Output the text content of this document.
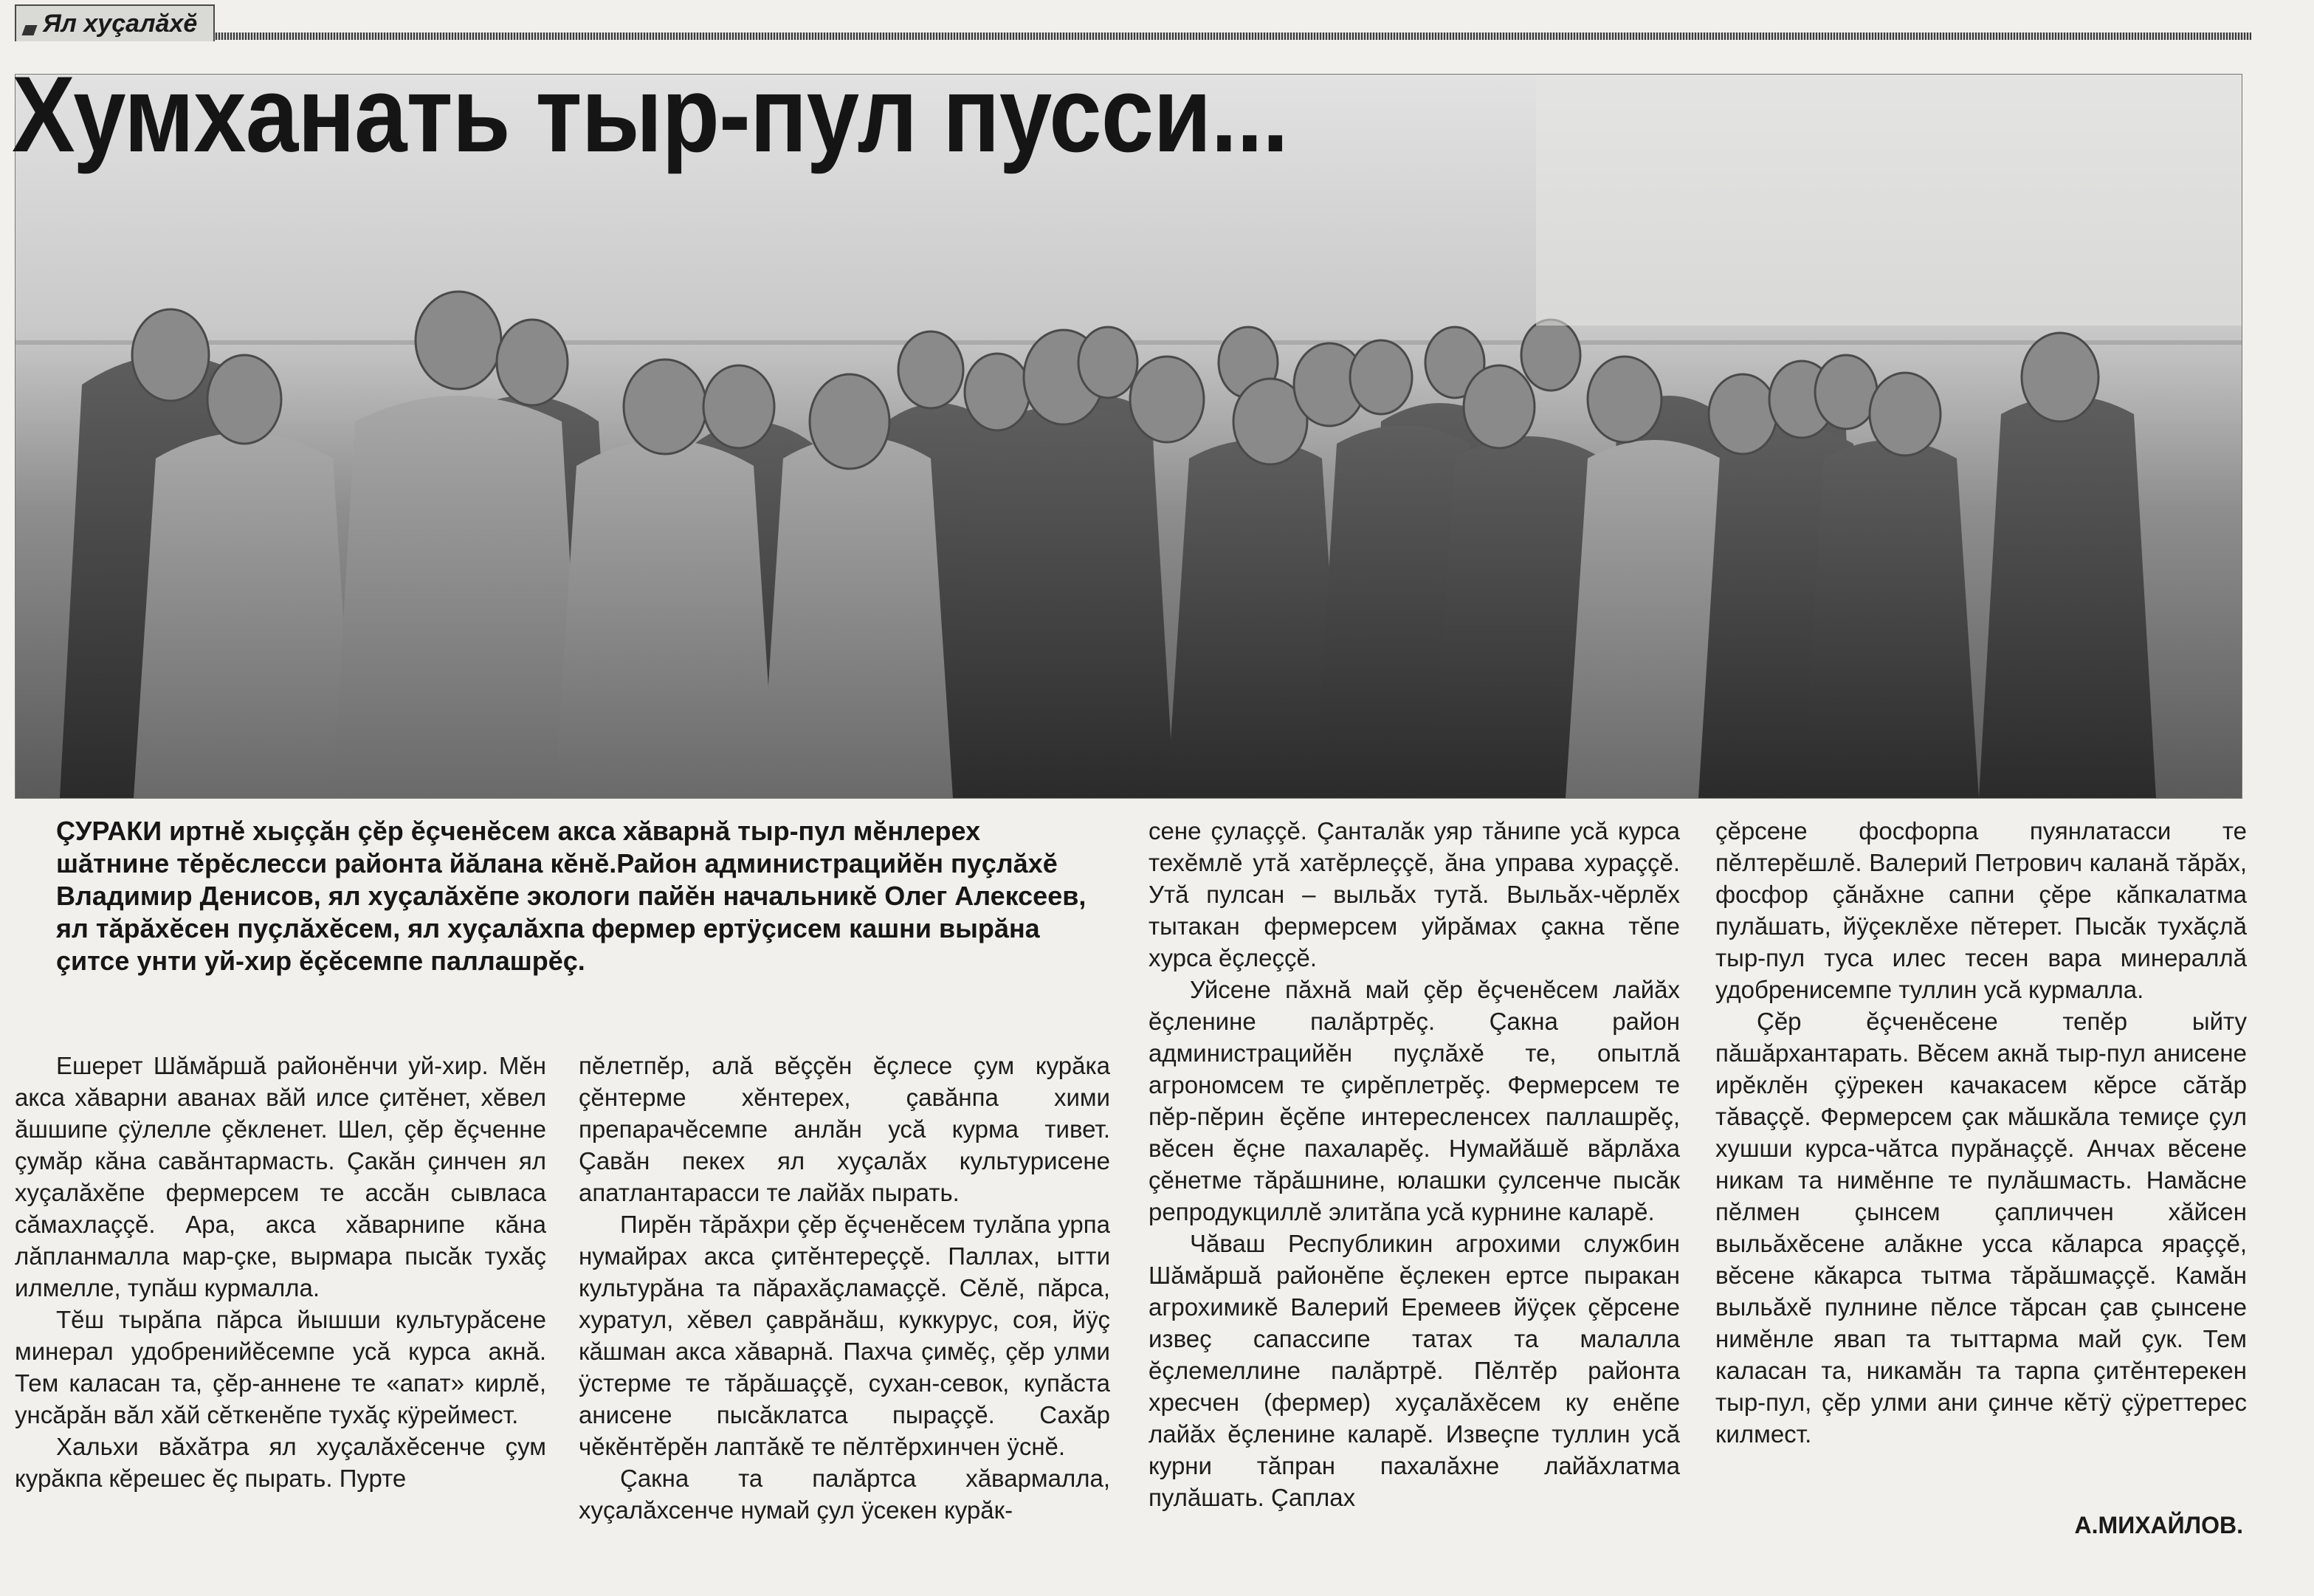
Ял хуçалăхĕ
Хумханать тыр-пул пусси...

ÇУРАКИ иртнĕ хыççăн çĕр ĕçченĕсем акса хăварнă тыр-пул мĕнлерех шăтнине тĕрĕслесси районта йăлана кĕнĕ.Район администрацийĕн пуçлăхĕ Владимир Денисов, ял хуçалăхĕпе экологи пайĕн начальникĕ Олег Алексеев, ял тăрăхĕсен пуçлăхĕсем, ял хуçалăхпа фермер ертÿçисем кашни вырăна çитсе унти уй-хир ĕçĕсемпе паллашрĕç.

Ешерет Шăмăршă районĕнчи уй-хир. Мĕн акса хăварни аванах вăй илсе çитĕнет, хĕвел ăшшипе çÿлелле çĕкленет. Шел, çĕр ĕçченне çумăр кăна савăнтармасть. Çакăн çинчен ял хуçалăхĕпе фермерсем те ассăн сывласа сăмахлаççĕ. Ара, акса хăварнипе кăна лăпланмалла мар-çке, вырмара пысăк тухăç илмелле, тупăш курмалла.

Тĕш тырăпа пăрса йышши культурăсене минерал удобренийĕсемпе усă курса акнă. Тем каласан та, çĕр-аннене те «апат» кирлĕ, унсăрăн вăл хăй сĕткенĕпе тухăç кÿреймест.

Хальхи вăхăтра ял хуçалăхĕсенче çум курăкпа кĕрешес ĕç пырать. Пурте

пĕлетпĕр, алă вĕççĕн ĕçлесе çум курăка çĕнтерме хĕнтерех, çавăнпа хими препарачĕсемпе анлăн усă курма тивет. Çавăн пекех ял хуçалăх культурисене апатлантарасси те лайăх пырать.

Пирĕн тăрăхри çĕр ĕçченĕсем тулăпа урпа нумайрах акса çитĕнтереççĕ. Паллах, ытти культурăна та пăрахăçламаççĕ. Сĕлĕ, пăрса, хуратул, хĕвел çаврăнăш, куккурус, соя, йÿç кăшман акса хăварнă. Пахча çимĕç, çĕр улми ÿстерме те тăрăшаççĕ, сухан-севок, купăста анисене пысăклатса пыраççĕ. Сахăр чĕкĕнтĕрĕн лаптăкĕ те пĕлтĕрхинчен ÿснĕ.

Çакна та палăртса хăвармалла, хуçалăхсенче нумай çул ÿсекен курăк-

сене çулаççĕ. Çанталăк уяр тăнипе усă курса техĕмлĕ утă хатĕрлеççĕ, ăна управа хураççĕ. Утă пулсан – выльăх тутă. Выльăх-чĕрлĕх тытакан фермерсем уйрăмах çакна тĕпе хурса ĕçлеççĕ.

Уйсене пăхнă май çĕр ĕçченĕсем лайăх ĕçленине палăртрĕç. Çакна район администрацийĕн пуçлăхĕ те, опытлă агрономсем те çирĕплетрĕç. Фермерсем те пĕр-пĕрин ĕçĕпе интересленсех паллашрĕç, вĕсен ĕçне пахаларĕç. Нумайăшĕ вăрлăха çĕнетме тăрăшнине, юлашки çулсенче пысăк репродукциллĕ элитăпа усă курнине каларĕ.

Чăваш Республикин агрохими службин Шăмăршă районĕпе ĕçлекен ертсе пыракан агрохимикĕ Валерий Еремеев йÿçек çĕрсене извеç сапассипе татах та малалла ĕçлемеллине палăртрĕ. Пĕлтĕр районта хресчен (фермер) хуçалăхĕсем ку енĕпе лайăх ĕçленине каларĕ. Извеçпе туллин усă курни тăпран пахалăхне лайăхлатма пулăшать. Çаплах

çĕрсене фосфорпа пуянлатасси те пĕлтерĕшлĕ. Валерий Петрович каланă тăрăх, фосфор çăнăхне сапни çĕре кăпкалатма пулăшать, йÿçеклĕхе пĕтерет. Пысăк тухăçлă тыр-пул туса илес тесен вара минераллă удобренисемпе туллин усă курмалла.

Çĕр ĕçченĕсене тепĕр ыйту пăшăрхантарать. Вĕсем акнă тыр-пул анисене ирĕклĕн çÿрекен качакасем кĕрсе сăтăр тăваççĕ. Фермерсем çак мăшкăла темиçе çул хушши курса-чăтса пурăнаççĕ. Анчах вĕсене никам та нимĕнпе те пулăшмасть. Намăсне пĕлмен çынсем çапличчен хăйсен выльăхĕсене алăкне усса кăларса яраççĕ, вĕсене кăкарса тытма тăрăшмаççĕ. Камăн выльăхĕ пулнине пĕлсе тăрсан çав çынсене нимĕнле явап та тыттарма май çук. Тем каласан та, никамăн та тарпа çитĕнтерекен тыр-пул, çĕр улми ани çинче кĕтÿ çÿреттерес килмест.

А.МИХАЙЛОВ.
